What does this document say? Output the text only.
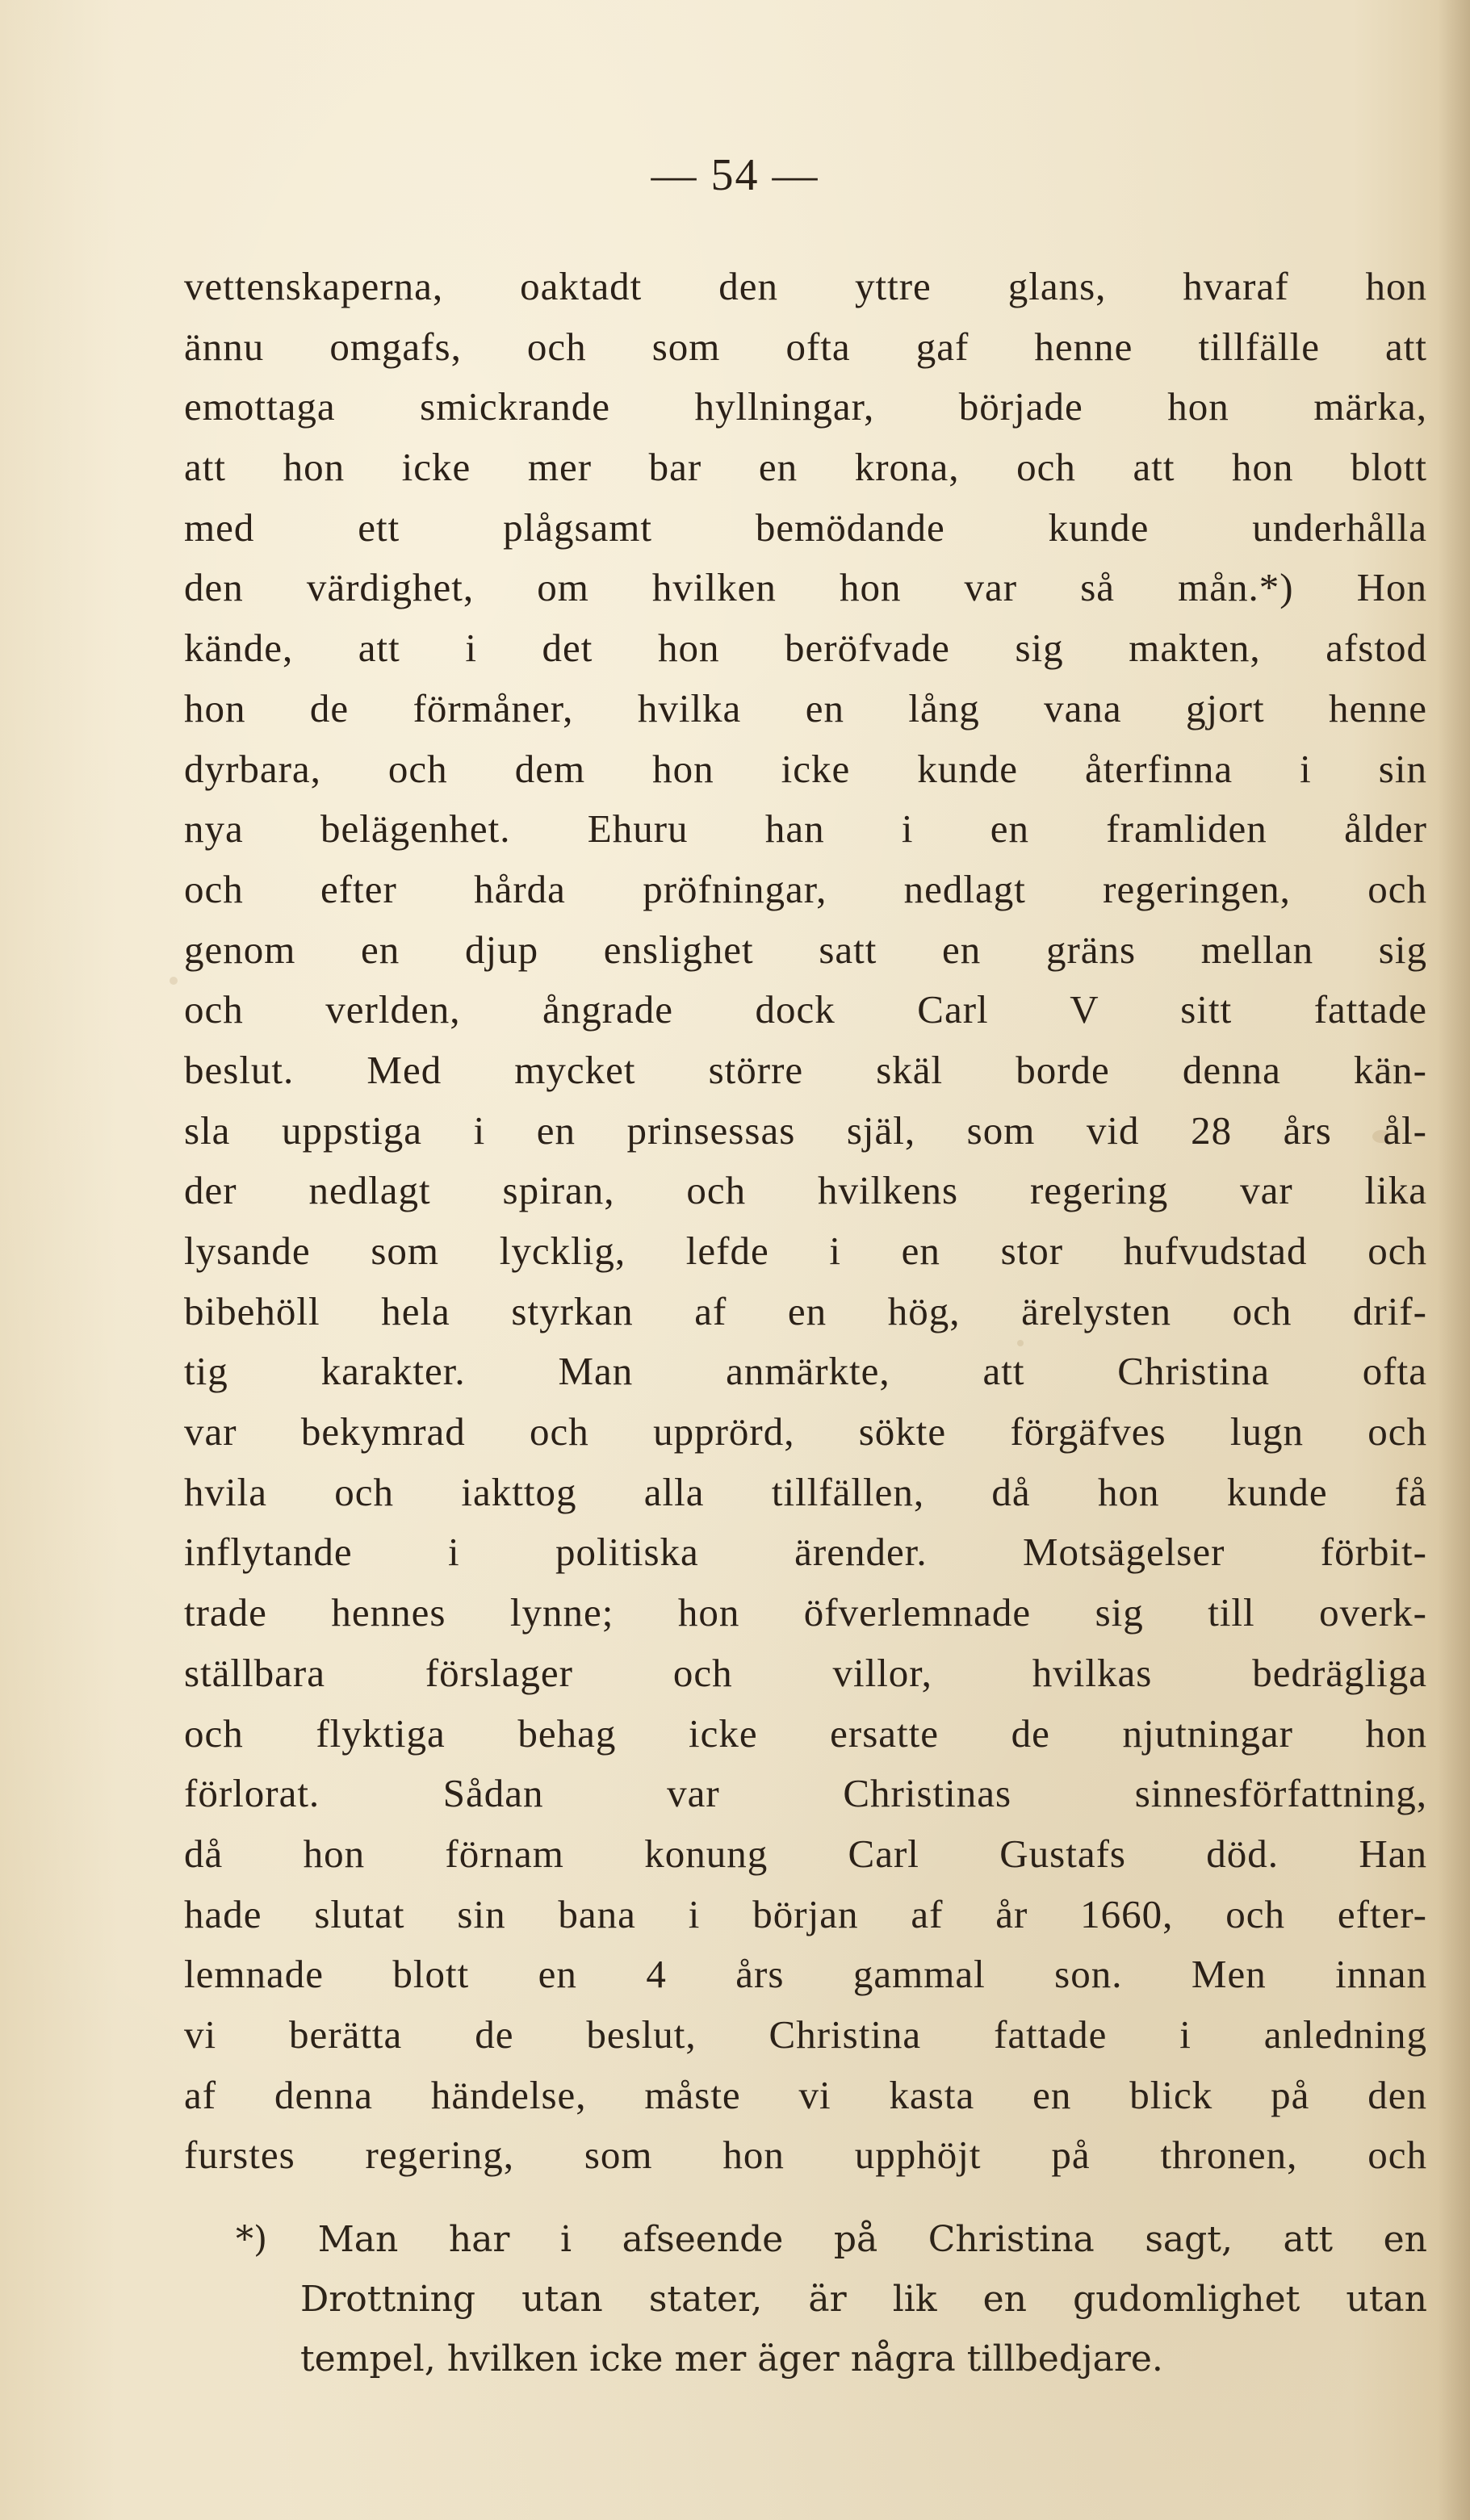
— 54 —
vettenskaperna, oaktadt den yttre glans, hvaraf hon
ännu omgafs, och som ofta gaf henne tillfälle att
emottaga smickrande hyllningar, började hon märka,
att hon icke mer bar en krona, och att hon blott
med ett plågsamt bemödande kunde underhålla
den värdighet, om hvilken hon var så mån.*) Hon
kände, att i det hon beröfvade sig makten, afstod
hon de förmåner, hvilka en lång vana gjort henne
dyrbara, och dem hon icke kunde återfinna i sin
nya belägenhet. Ehuru han i en framliden ålder
och efter hårda pröfningar, nedlagt regeringen, och
genom en djup enslighet satt en gräns mellan sig
och verlden, ångrade dock Carl V sitt fattade
beslut. Med mycket större skäl borde denna kän-
sla uppstiga i en prinsessas själ, som vid 28 års ål-
der nedlagt spiran, och hvilkens regering var lika
lysande som lycklig, lefde i en stor hufvudstad och
bibehöll hela styrkan af en hög, ärelysten och drif-
tig karakter. Man anmärkte, att Christina ofta
var bekymrad och upprörd, sökte förgäfves lugn och
hvila och iakttog alla tillfällen, då hon kunde få
inflytande i politiska ärender. Motsägelser förbit-
trade hennes lynne; hon öfverlemnade sig till overk-
ställbara förslager och villor, hvilkas bedrägliga
och flyktiga behag icke ersatte de njutningar hon
förlorat. Sådan var Christinas sinnesförfattning,
då hon förnam konung Carl Gustafs död. Han
hade slutat sin bana i början af år 1660, och efter-
lemnade blott en 4 års gammal son. Men innan
vi berätta de beslut, Christina fattade i anledning
af denna händelse, måste vi kasta en blick på den
furstes regering, som hon upphöjt på thronen, och
*) Man har i afseende på Christina sagt, att en
Drottning utan stater, är lik en gudomlighet utan
tempel, hvilken icke mer äger några tillbedjare.
